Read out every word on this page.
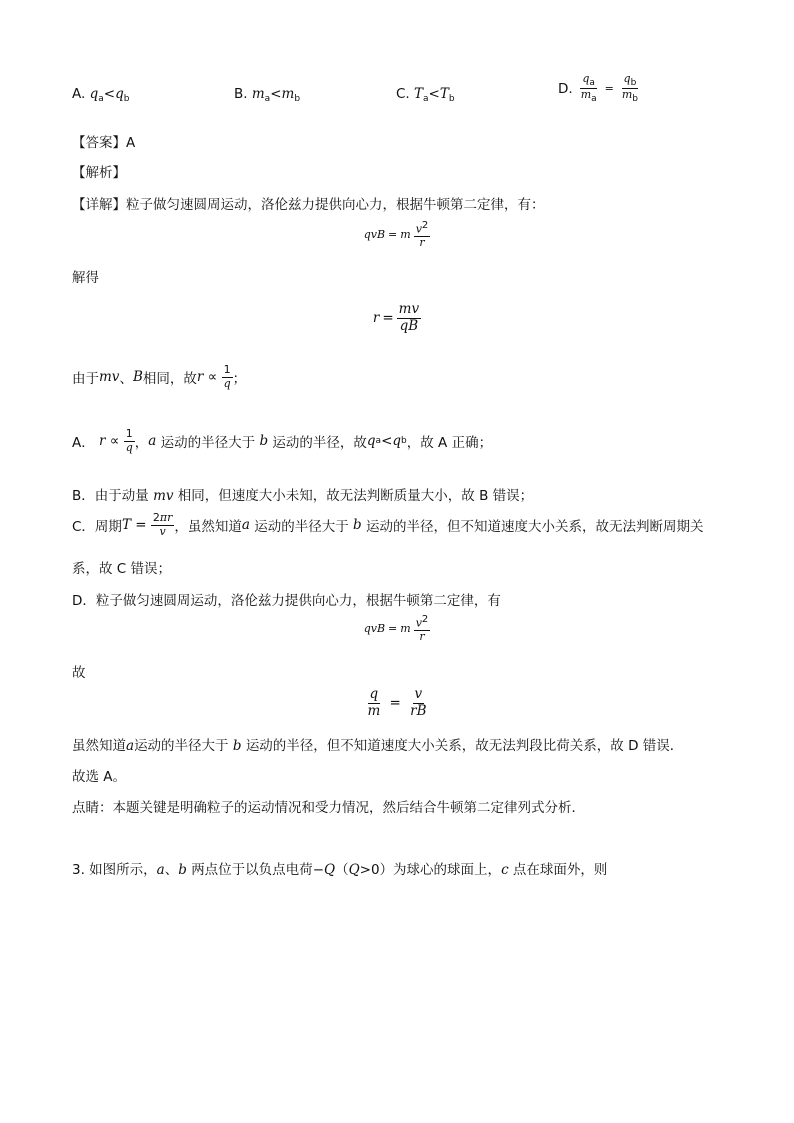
A. $q_a<q_b$	B. $m_a<m_b$	C. $T_a<T_b$
D. $\frac{q_a}{m_a} = \frac{q_b}{m_b}$
【答案】A
【解析】
【详解】粒子做匀速圆周运动，洛伦兹力提供向心力，根据牛顿第二定律，有：
qvB = m $\frac{v^2}{r}$
解得
$r = \frac{mv}{qB}$
由于 mv 、 B 相同，故 $r \propto \frac{1}{q}$ ；
A． $r \propto \frac{1}{q}$ ， a
运动的半径大于
b
运动的半径，故 q a < q b ，故 A 正确；
B．由于动量 mv 相同，但速度大小未知，故无法判断质量大小，故 B 错误；
C．周期 $T = \frac{2\pi r}{v}$ ，虽然知道 a
运动的半径大于
b
运动的半径，但不知道速度大小关系，故无法判断周期关
系，故 C 错误；
D．粒子做匀速圆周运动，洛伦兹力提供向心力，根据牛顿第二定律，有
qvB = m $\frac{v^2}{r}$
故
$\frac{q}{m} = \frac{v}{rB}$
虽然知道a运动的半径大于 b 运动的半径，但不知道速度大小关系，故无法判段比荷关系，故 D 错误．
故选 A。
点睛：本题关键是明确粒子的运动情况和受力情况，然后结合牛顿第二定律列式分析．
3. 如图所示，a、b 两点位于以负点电荷−Q（Q>0）为球心的球面上，c 点在球面外，则
